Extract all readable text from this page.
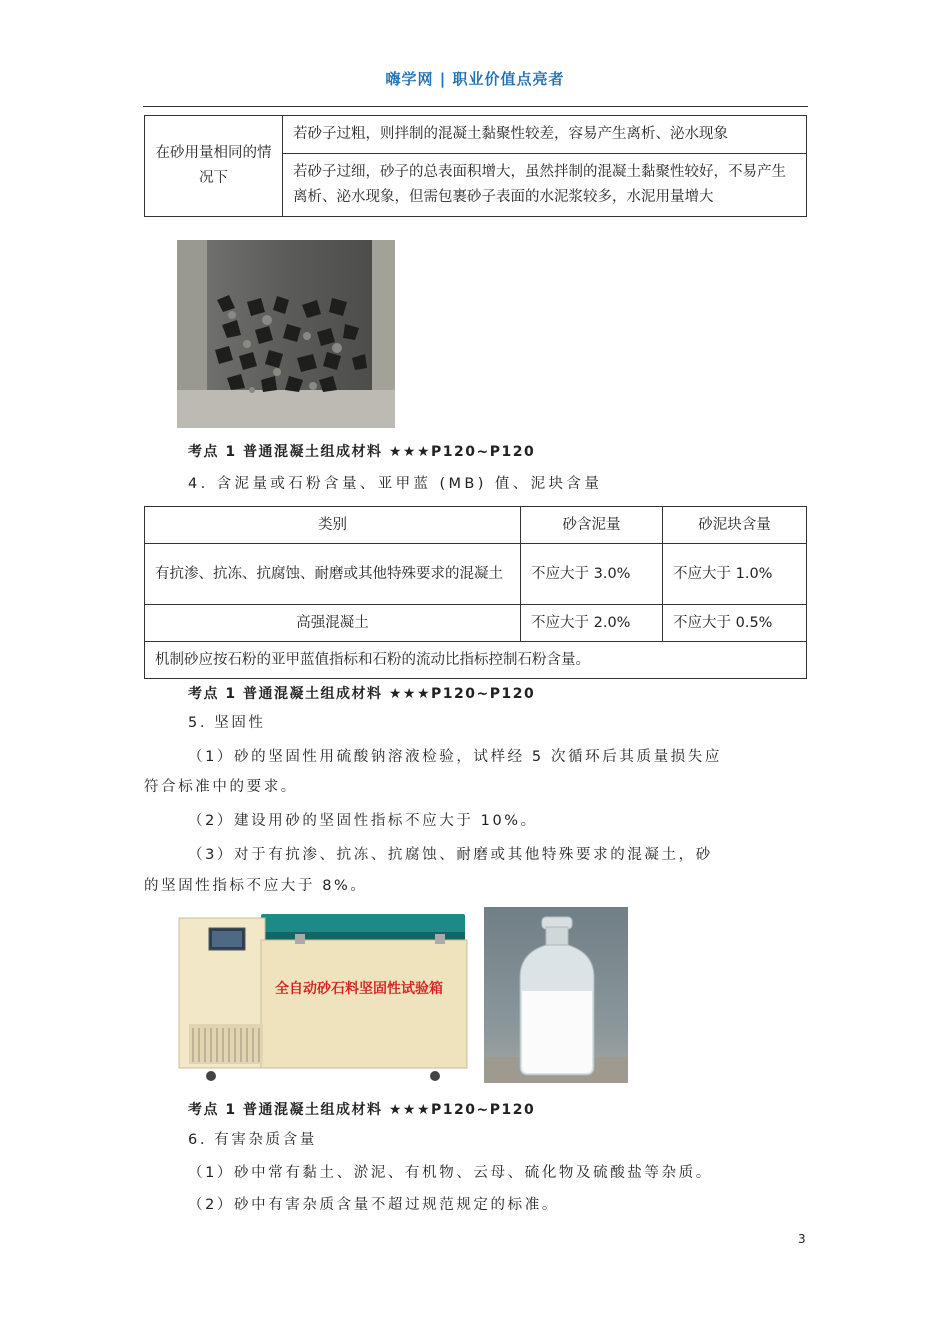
嗨学网 | 职业价值点亮者
在砂用量相同的情况下	若砂子过粗，则拌制的混凝土黏聚性较差，容易产生离析、泌水现象
若砂子过细，砂子的总表面积增大，虽然拌制的混凝土黏聚性较好，不易产生离析、泌水现象，但需包裹砂子表面的水泥浆较多，水泥用量增大
考点 1 普通混凝土组成材料 ★★★P120~P120
4. 含泥量或石粉含量、亚甲蓝 (MB) 值、泥块含量
类别	砂含泥量	砂泥块含量
有抗渗、抗冻、抗腐蚀、耐磨或其他特殊要求的混凝土	不应大于 3.0%	不应大于 1.0%
高强混凝土	不应大于 2.0%	不应大于 0.5%
机制砂应按石粉的亚甲蓝值指标和石粉的流动比指标控制石粉含量。		
考点 1 普通混凝土组成材料 ★★★P120~P120
5. 坚固性
（1）砂的坚固性用硫酸钠溶液检验，试样经 5 次循环后其质量损失应
符合标准中的要求。
（2）建设用砂的坚固性指标不应大于 10%。
（3）对于有抗渗、抗冻、抗腐蚀、耐磨或其他特殊要求的混凝土，砂
的坚固性指标不应大于 8%。
全自动砂石料坚固性试验箱
考点 1 普通混凝土组成材料 ★★★P120~P120
6. 有害杂质含量
（1）砂中常有黏土、淤泥、有机物、云母、硫化物及硫酸盐等杂质。
（2）砂中有害杂质含量不超过规范规定的标准。
3
